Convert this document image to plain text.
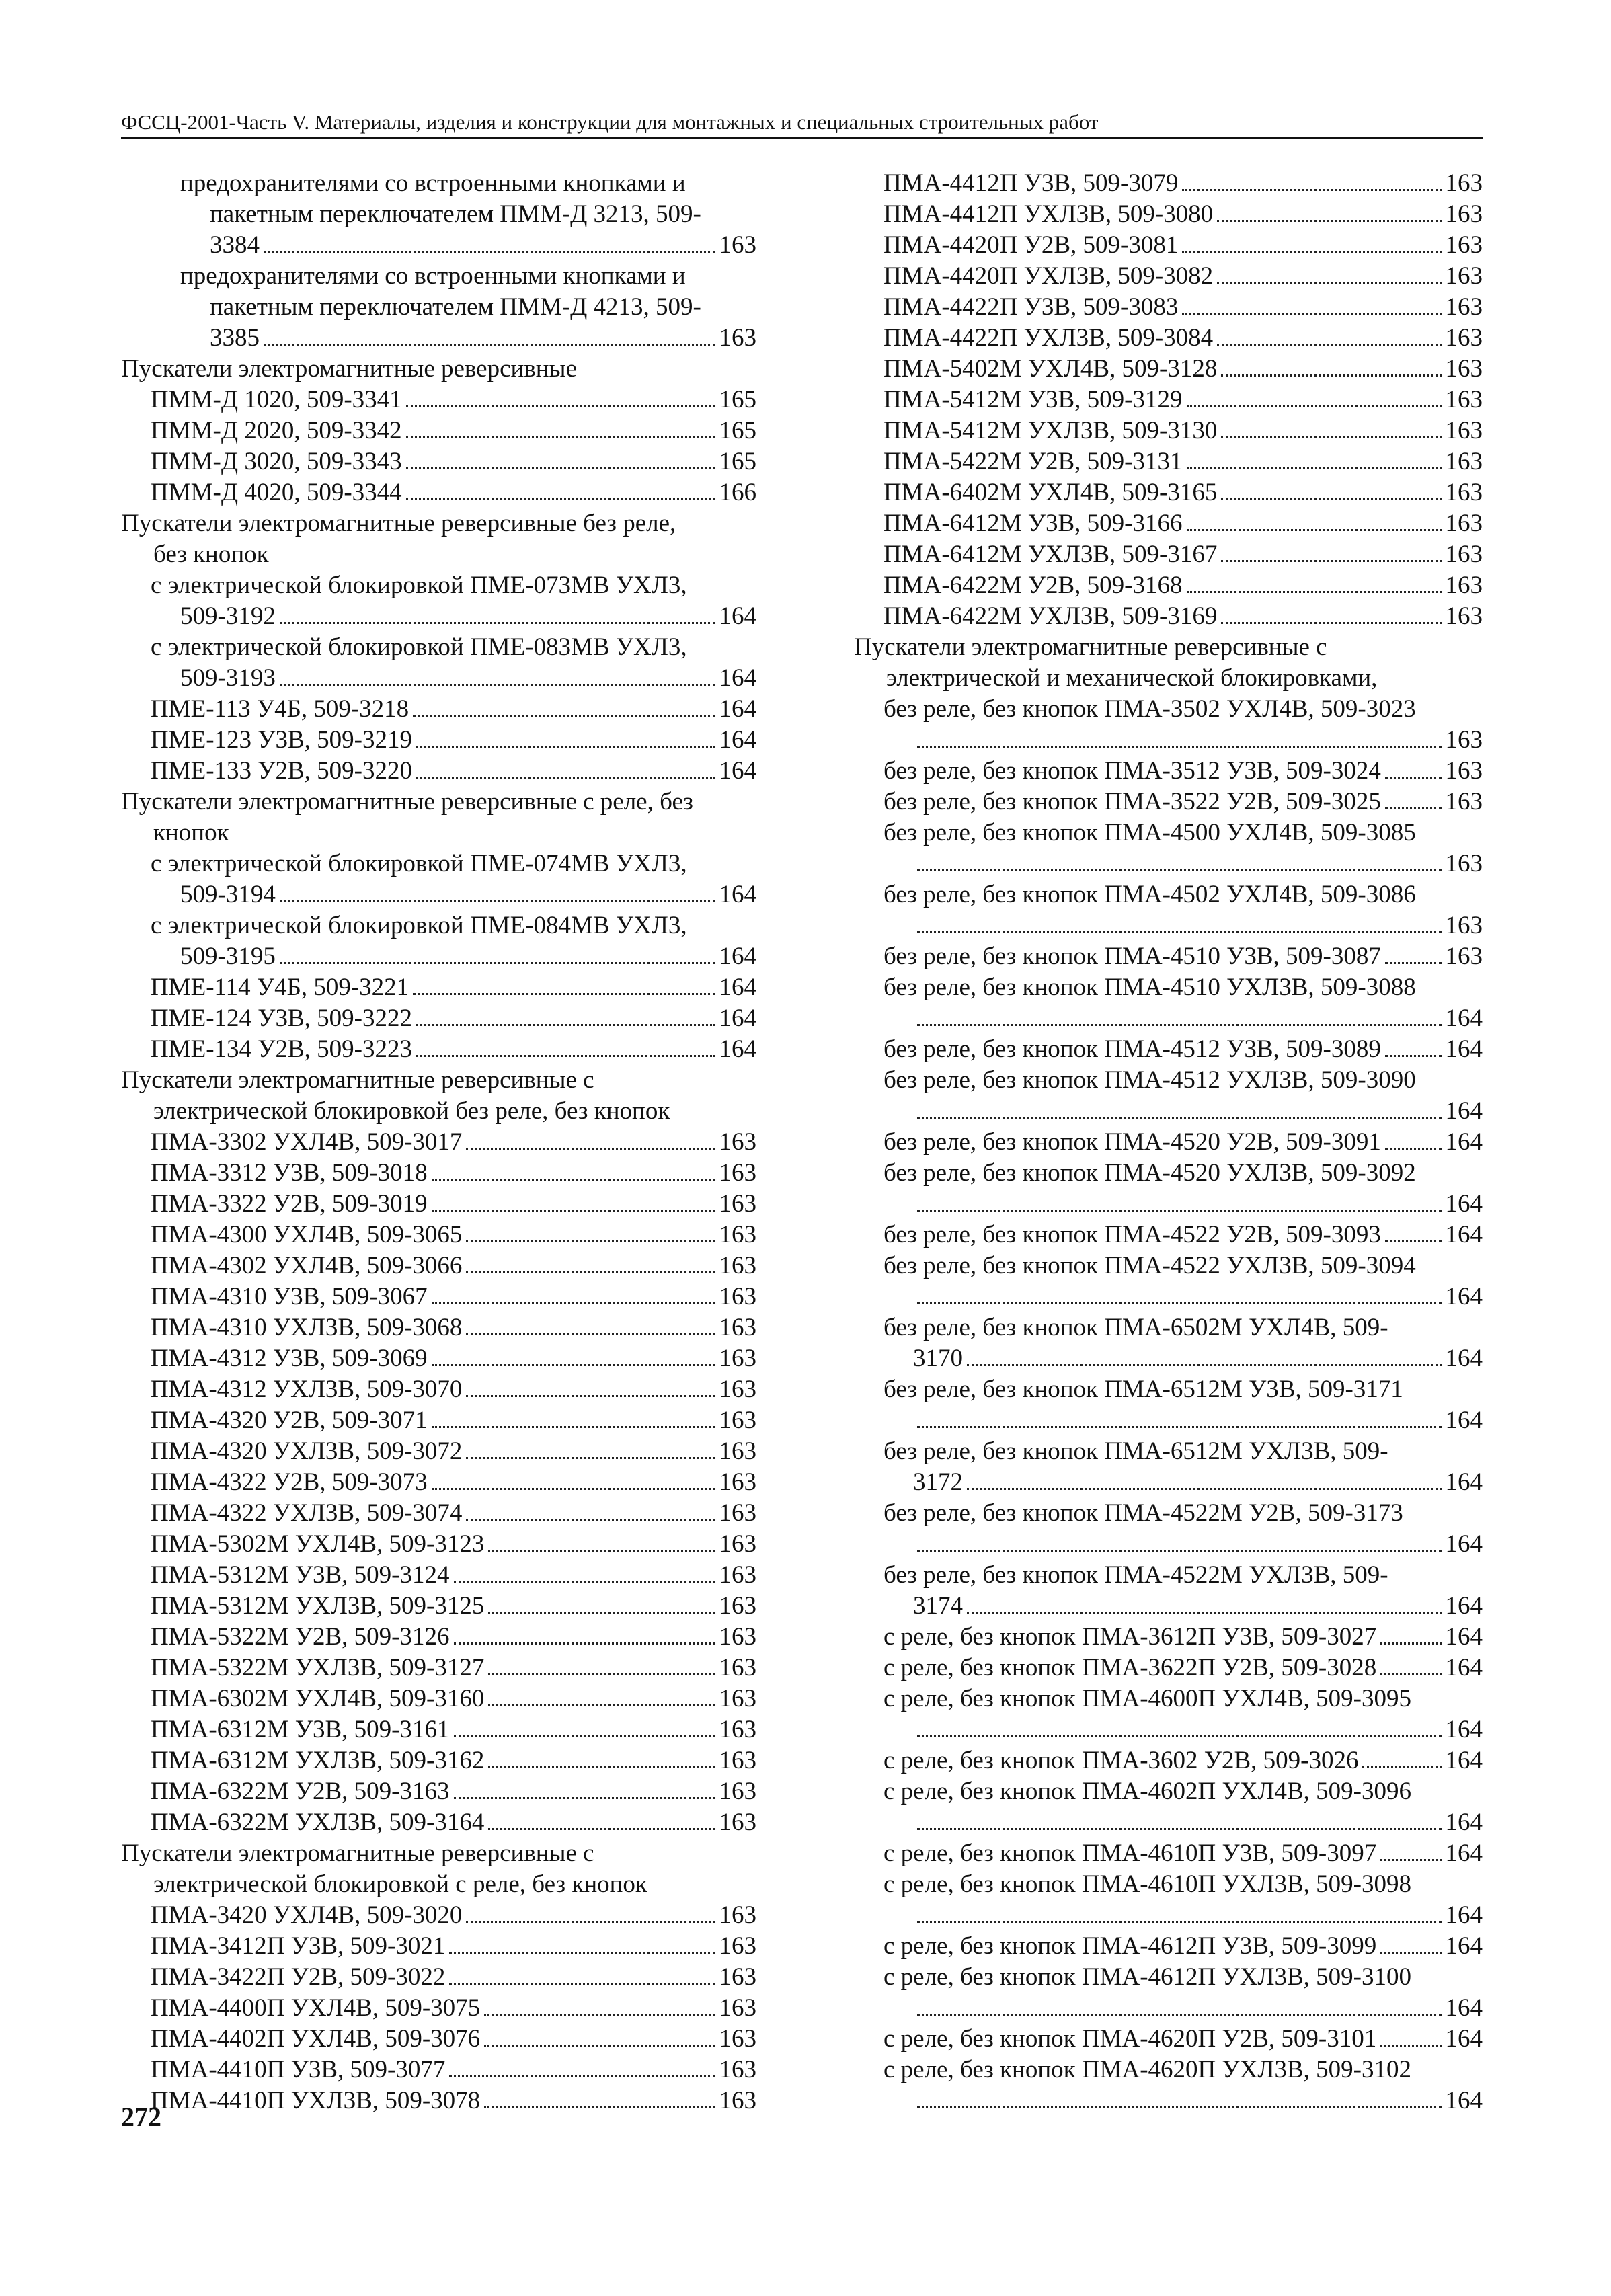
ФССЦ-2001-Часть V. Материалы, изделия и конструкции для монтажных и специальных строительных работ
предохранителями со встроенными кнопками и
пакетным переключателем ПММ-Д 3213, 509-
3384	163
предохранителями со встроенными кнопками и
пакетным переключателем ПММ-Д 4213, 509-
3385	163
Пускатели электромагнитные реверсивные
ПММ-Д 1020, 509-3341	165
ПММ-Д 2020, 509-3342	165
ПММ-Д 3020, 509-3343	165
ПММ-Д 4020, 509-3344	166
Пускатели электромагнитные реверсивные без реле,
без кнопок
с электрической блокировкой ПМЕ-073МВ УХЛ3,
509-3192	164
с электрической блокировкой ПМЕ-083МВ УХЛ3,
509-3193	164
ПМЕ-113 У4Б, 509-3218	164
ПМЕ-123 У3В, 509-3219	164
ПМЕ-133 У2В, 509-3220	164
Пускатели электромагнитные реверсивные с реле, без
кнопок
с электрической блокировкой ПМЕ-074МВ УХЛ3,
509-3194	164
с электрической блокировкой ПМЕ-084МВ УХЛ3,
509-3195	164
ПМЕ-114 У4Б, 509-3221	164
ПМЕ-124 У3В, 509-3222	164
ПМЕ-134 У2В, 509-3223	164
Пускатели электромагнитные реверсивные с
электрической блокировкой без реле, без кнопок
ПМА-3302 УХЛ4В, 509-3017	163
ПМА-3312 У3В, 509-3018	163
ПМА-3322 У2В, 509-3019	163
ПМА-4300 УХЛ4В, 509-3065	163
ПМА-4302 УХЛ4В, 509-3066	163
ПМА-4310 У3В, 509-3067	163
ПМА-4310 УХЛ3В, 509-3068	163
ПМА-4312 У3В, 509-3069	163
ПМА-4312 УХЛ3В, 509-3070	163
ПМА-4320 У2В, 509-3071	163
ПМА-4320 УХЛ3В, 509-3072	163
ПМА-4322 У2В, 509-3073	163
ПМА-4322 УХЛ3В, 509-3074	163
ПМА-5302М УХЛ4В, 509-3123	163
ПМА-5312М У3В, 509-3124	163
ПМА-5312М УХЛ3В, 509-3125	163
ПМА-5322М У2В, 509-3126	163
ПМА-5322М УХЛ3В, 509-3127	163
ПМА-6302М УХЛ4В, 509-3160	163
ПМА-6312М У3В, 509-3161	163
ПМА-6312М УХЛ3В, 509-3162	163
ПМА-6322М У2В, 509-3163	163
ПМА-6322М УХЛ3В, 509-3164	163
Пускатели электромагнитные реверсивные с
электрической блокировкой с реле, без кнопок
ПМА-3420 УХЛ4В, 509-3020	163
ПМА-3412П У3В, 509-3021	163
ПМА-3422П У2В, 509-3022	163
ПМА-4400П УХЛ4В, 509-3075	163
ПМА-4402П УХЛ4В, 509-3076	163
ПМА-4410П У3В, 509-3077	163
ПМА-4410П УХЛ3В, 509-3078	163
ПМА-4412П У3В, 509-3079	163
ПМА-4412П УХЛ3В, 509-3080	163
ПМА-4420П У2В, 509-3081	163
ПМА-4420П УХЛ3В, 509-3082	163
ПМА-4422П У3В, 509-3083	163
ПМА-4422П УХЛ3В, 509-3084	163
ПМА-5402М УХЛ4В, 509-3128	163
ПМА-5412М У3В, 509-3129	163
ПМА-5412М УХЛ3В, 509-3130	163
ПМА-5422М У2В, 509-3131	163
ПМА-6402М УХЛ4В, 509-3165	163
ПМА-6412М У3В, 509-3166	163
ПМА-6412М УХЛ3В, 509-3167	163
ПМА-6422М У2В, 509-3168	163
ПМА-6422М УХЛ3В, 509-3169	163
Пускатели электромагнитные реверсивные с
электрической и механической блокировками,
без реле, без кнопок ПМА-3502 УХЛ4В, 509-3023
163
без реле, без кнопок ПМА-3512 У3В, 509-3024	163
без реле, без кнопок ПМА-3522 У2В, 509-3025	163
без реле, без кнопок ПМА-4500 УХЛ4В, 509-3085
163
без реле, без кнопок ПМА-4502 УХЛ4В, 509-3086
163
без реле, без кнопок ПМА-4510 У3В, 509-3087	163
без реле, без кнопок ПМА-4510 УХЛ3В, 509-3088
164
без реле, без кнопок ПМА-4512 У3В, 509-3089	164
без реле, без кнопок ПМА-4512 УХЛ3В, 509-3090
164
без реле, без кнопок ПМА-4520 У2В, 509-3091	164
без реле, без кнопок ПМА-4520 УХЛ3В, 509-3092
164
без реле, без кнопок ПМА-4522 У2В, 509-3093	164
без реле, без кнопок ПМА-4522 УХЛ3В, 509-3094
164
без реле, без кнопок ПМА-6502М УХЛ4В, 509-
3170	164
без реле, без кнопок ПМА-6512М У3В, 509-3171
164
без реле, без кнопок ПМА-6512М УХЛ3В, 509-
3172	164
без реле, без кнопок ПМА-4522М У2В, 509-3173
164
без реле, без кнопок ПМА-4522М УХЛ3В, 509-
3174	164
с реле, без кнопок ПМА-3612П У3В, 509-3027	164
с реле, без кнопок ПМА-3622П У2В, 509-3028	164
с реле, без кнопок ПМА-4600П УХЛ4В, 509-3095
164
с реле, без кнопок ПМА-3602 У2В, 509-3026	164
с реле, без кнопок ПМА-4602П УХЛ4В, 509-3096
164
с реле, без кнопок ПМА-4610П У3В, 509-3097	164
с реле, без кнопок ПМА-4610П УХЛ3В, 509-3098
164
с реле, без кнопок ПМА-4612П У3В, 509-3099	164
с реле, без кнопок ПМА-4612П УХЛ3В, 509-3100
164
с реле, без кнопок ПМА-4620П У2В, 509-3101	164
с реле, без кнопок ПМА-4620П УХЛ3В, 509-3102
164
272
